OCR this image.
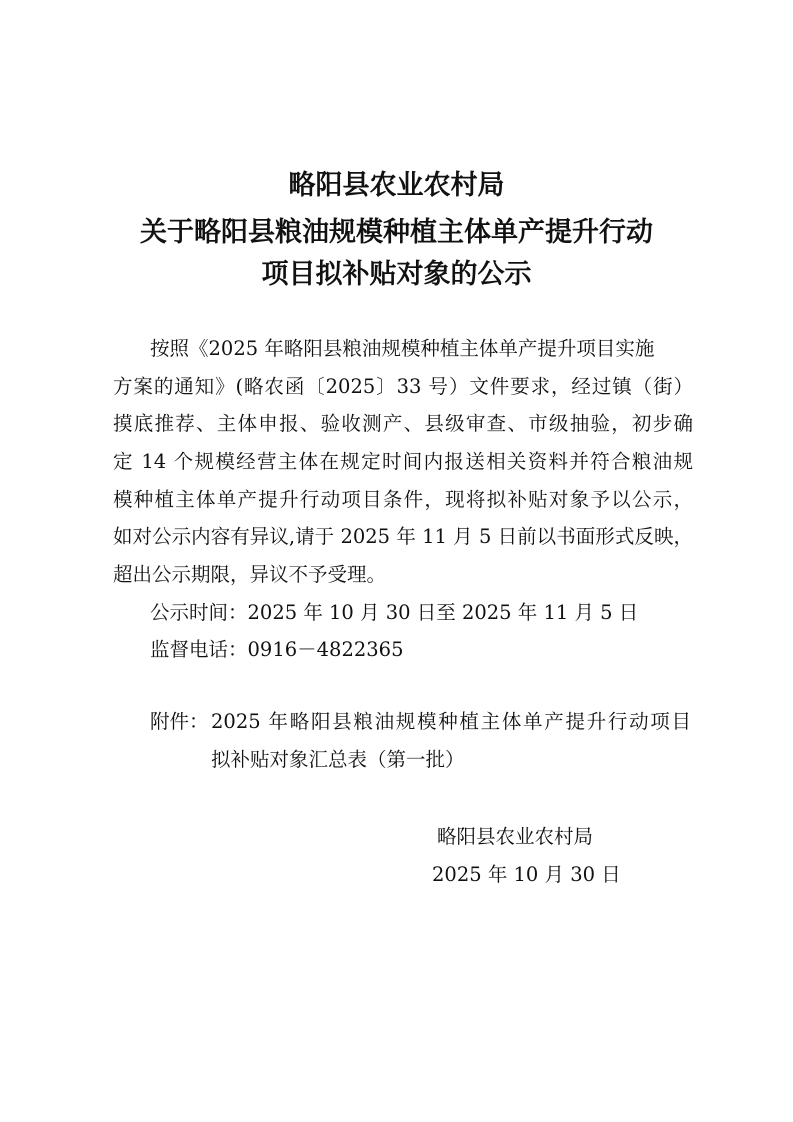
略阳县农业农村局
关于略阳县粮油规模种植主体单产提升行动
项目拟补贴对象的公示
按照《2025 年略阳县粮油规模种植主体单产提升项目实施
方案的通知》(略农函〔2025〕33 号）文件要求，经过镇（街）
摸底推荐、主体申报、验收测产、县级审查、市级抽验，初步确
定 14 个规模经营主体在规定时间内报送相关资料并符合粮油规
模种植主体单产提升行动项目条件，现将拟补贴对象予以公示，
如对公示内容有异议,请于 2025 年 11 月 5 日前以书面形式反映，
超出公示期限，异议不予受理。
公示时间：2025 年 10 月 30 日至 2025 年 11 月 5 日
监督电话：0916－4822365
附件： 2025 年略阳县粮油规模种植主体单产提升行动项目
拟补贴对象汇总表（第一批）
略阳县农业农村局
2025 年 10 月 30 日
